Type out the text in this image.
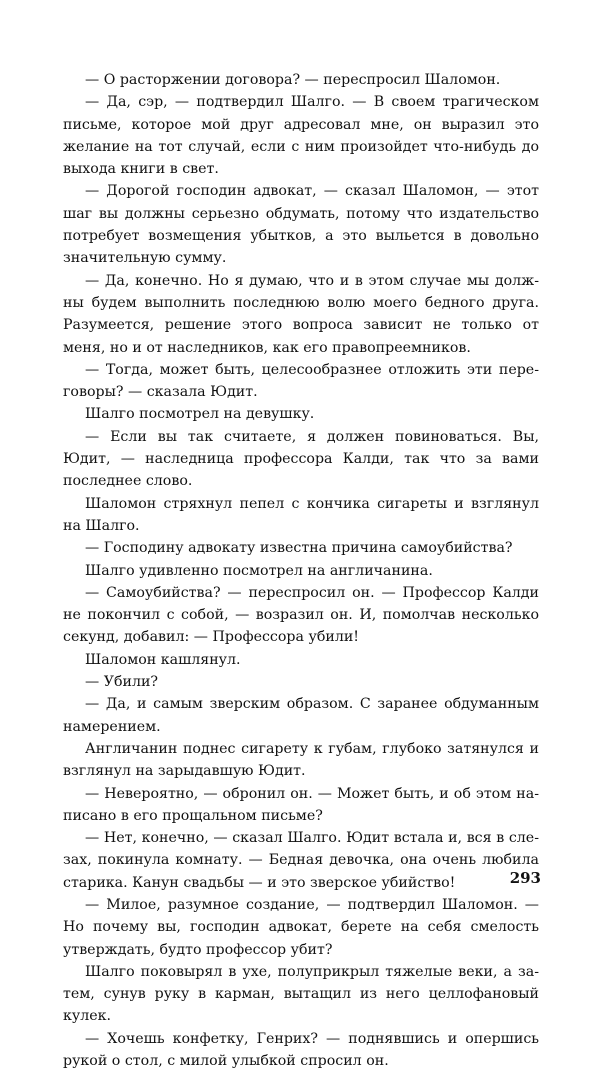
— О расторжении договора? — переспросил Шаломон.

— Да, сэр, — подтвердил Шалго. — В своем трагическом письме, которое мой друг адресовал мне, он выразил это желание на тот случай, если с ним произойдет что-нибудь до выхода книги в свет.

— Дорогой господин адвокат, — сказал Шаломон, — этот шаг вы должны серьезно обдумать, потому что издательство потребует возмещения убытков, а это выльется в довольно значительную сумму.

— Да, конечно. Но я думаю, что и в этом случае мы должны будем выполнить последнюю волю моего бедного друга. Разумеется, решение этого вопроса зависит не только от меня, но и от наследников, как его правопреемников.

— Тогда, может быть, целесообразнее отложить эти переговоры? — сказала Юдит.

Шалго посмотрел на девушку.

— Если вы так считаете, я должен повиноваться. Вы, Юдит, — наследница профессора Калди, так что за вами последнее слово.

Шаломон стряхнул пепел с кончика сигареты и взглянул на Шалго.

— Господину адвокату известна причина самоубийства?

Шалго удивленно посмотрел на англичанина.

— Самоубийства? — переспросил он. — Профессор Калди не покончил с собой, — возразил он. И, помолчав несколько секунд, добавил: — Профессора убили!

Шаломон кашлянул.

— Убили?

— Да, и самым зверским образом. С заранее обдуманным намерением.

Англичанин поднес сигарету к губам, глубоко затянулся и взглянул на зарыдавшую Юдит.

— Невероятно, — обронил он. — Может быть, и об этом написано в его прощальном письме?

— Нет, конечно, — сказал Шалго. Юдит встала и, вся в слезах, покинула комнату. — Бедная девочка, она очень любила старика. Канун свадьбы — и это зверское убийство!

— Милое, разумное создание, — подтвердил Шаломон. — Но почему вы, господин адвокат, берете на себя смелость утверждать, будто профессор убит?

Шалго поковырял в ухе, полуприкрыл тяжелые веки, а затем, сунув руку в карман, вытащил из него целлофановый кулек.

— Хочешь конфетку, Генрих? — поднявшись и опершись рукой о стол, с милой улыбкой спросил он.

293
